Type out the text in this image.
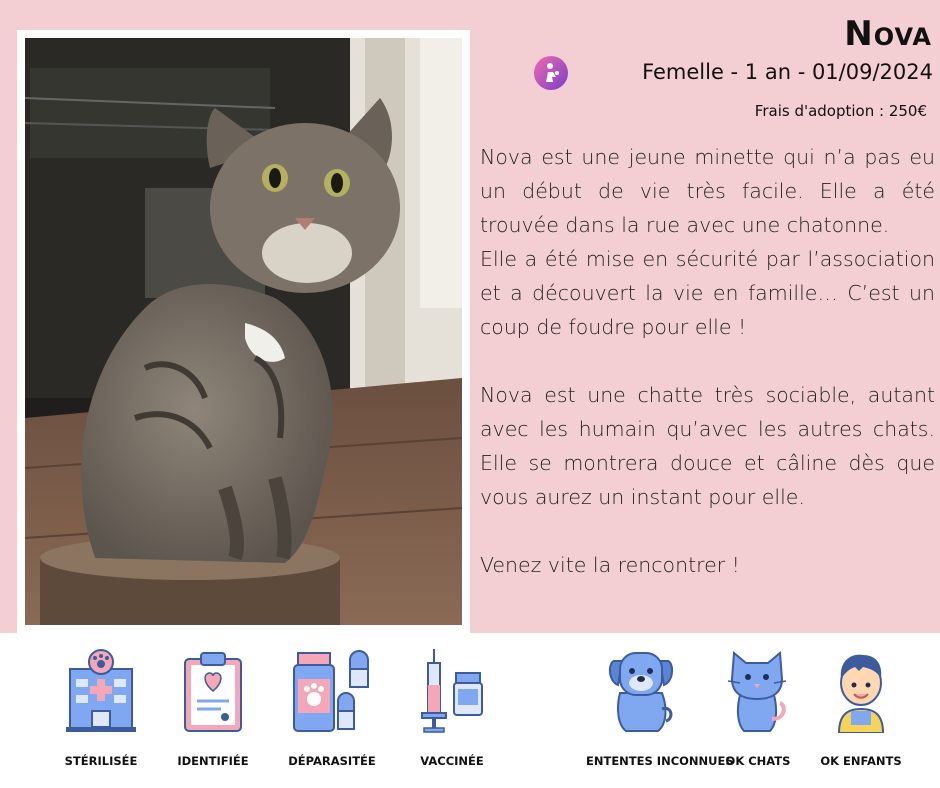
Nova
Femelle - 1 an - 01/09/2024
Frais d'adoption : 250€

Nova est une jeune minette qui n’a pas eu un début de vie très facile. Elle a été trouvée dans la rue avec une chatonne.

Elle a été mise en sécurité par l’association et a découvert la vie en famille… C’est un coup de foudre pour elle !

Nova est une chatte très sociable, autant avec les humain qu’avec les autres chats. Elle se montrera douce et câline dès que vous aurez un instant pour elle.

Venez vite la rencontrer !

STÉRILISÉE	IDENTIFIÉE	DÉPARASITÉE	VACCINÉE	ENTENTES INCONNUES
OK CHATS	OK ENFANTS
